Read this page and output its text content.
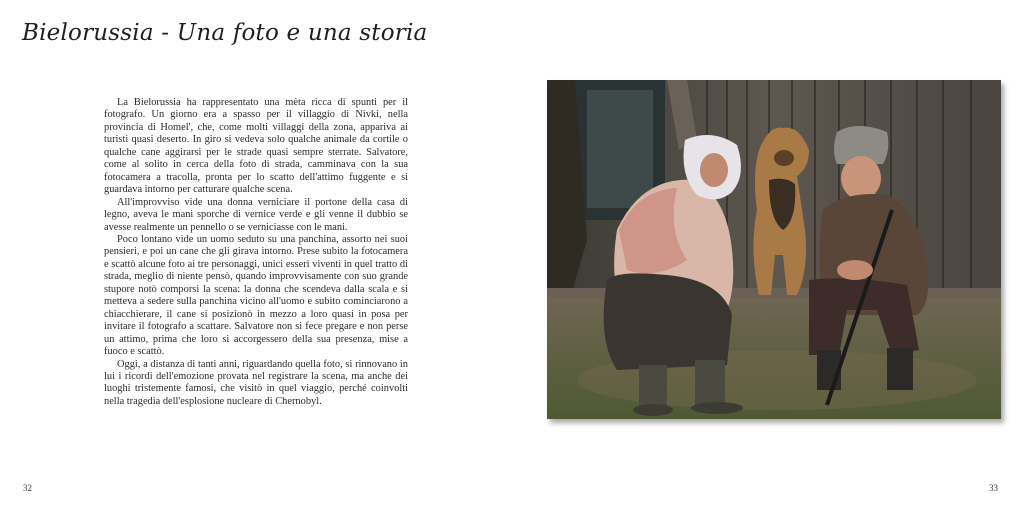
Bielorussia - Una foto e una storia

La Bielorussia ha rappresentato una mèta ricca di spunti per il fotografo. Un giorno era a spasso per il villaggio di Nivki, nella provincia di Homel', che, come molti villaggi della zona, appariva ai turisti quasi deserto. In giro si vedeva solo qualche animale da cortile o qualche cane aggirarsi per le strade quasi sempre sterrate. Salvatore, come al solito in cerca della foto di strada, camminava con la sua fotocamera a tracolla, pronta per lo scatto dell'attimo fuggente e si guardava intorno per catturare qualche scena.

All'improvviso vide una donna verniciare il portone della casa di legno, aveva le mani sporche di vernice verde e gli venne il dubbio se avesse realmente un pennello o se verniciasse con le mani.

Poco lontano vide un uomo seduto su una panchina, assorto nei suoi pensieri, e poi un cane che gli girava intorno. Prese subito la fotocamera e scattò alcune foto ai tre personaggi, unici esseri viventi in quel tratto di strada, meglio di niente pensò, quando improvvisamente con suo grande stupore notò comporsi la scena: la donna che scendeva dalla scala e si metteva a sedere sulla panchina vicino all'uomo e subito cominciarono a chiacchierare, il cane si posizionò in mezzo a loro quasi in posa per invitare il fotografo a scattare. Salvatore non si fece pregare e non perse un attimo, prima che loro si accorgessero della sua presenza, mise a fuoco e scattò.

Oggi, a distanza di tanti anni, riguardando quella foto, si rinnovano in lui i ricordi dell'emozione provata nel registrare la scena, ma anche dei luoghi tristemente famosi, che visitò in quel viaggio, perché coinvolti nella tragedia dell'esplosione nucleare di Chernobyl.

32	33
